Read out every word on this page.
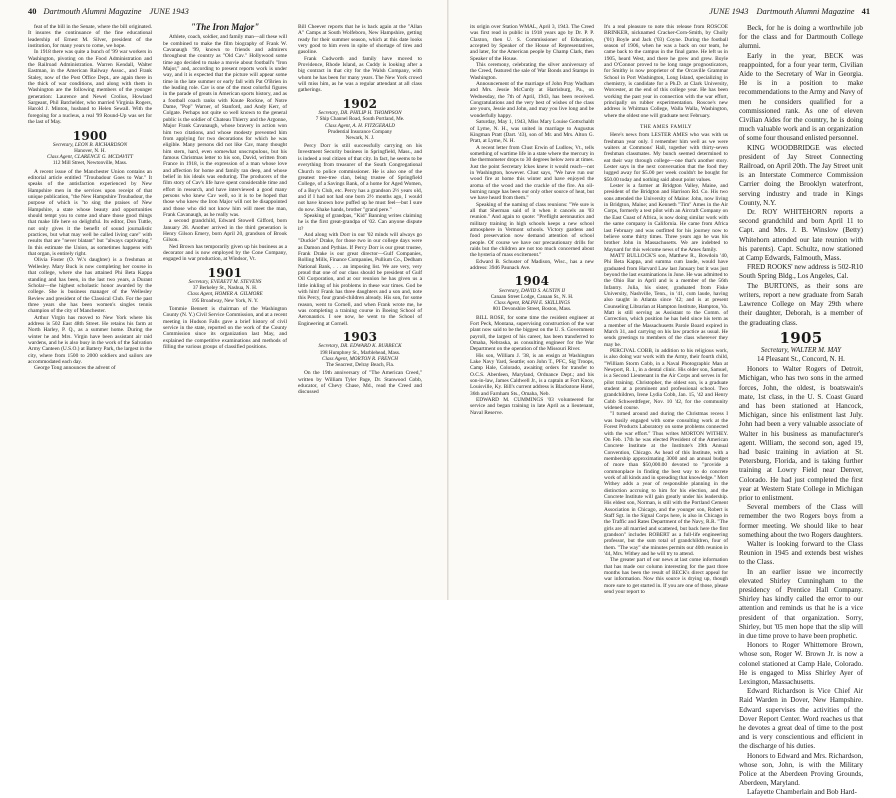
40 Dartmouth Alumni Magazine JUNE 1943

feat of the bill in the Senate, where the bill originated. It insures the continuance of the fine educational leadership of Ernest M. Silver, president of the institution, for many years to come, we hope.

In 1918 there was quite a bunch of '99 war workers in Washington, pivoting on the Food Administration and the Railroad Administration. Warren Kendall, Walter Eastman, in the American Railway Assoc., and Frank Staley, now of the Post Office Dept., are again there in the thick of war conditions, and along with them in Washington are the following members of the younger generation: Laurence and Newel Crolius, Howland Sargeant, Phil Batchelder, who married Virginia Rogers, Harold J. Minton, husband to Helen Sewall. With the foregoing for a nucleus, a real '99 Round-Up was set for the last of May.

1900
Secretary, LEON B. RICHARDSON
Hanover, N. H.
Class Agent, CLARENCE G. MCDAVITT
112 Mill Street, Newtonville, Mass.

A recent issue of the Manchester Union contains an editorial article entitled "Troubadour Goes to War." It speaks of the antisfaction experienced by New Hampshire men in the services upon receipt of that unique publication, "the New Hampshire Troubadour, the purpose of which is "to sing the praises of New Hampshire, a state whose beauty and opportunities should tempt you to come and share those good things that make life here so delightful. Its editor, Don Tuttle, not only gives it the benefit of sound journalistic practices, but what may well be called living care" with results that are "never blatant" but "always captivating." In this estimate the Union, as sometimes happens with that organ, is entirely right.

Olivia Foster (O. W.'s daughter) is a freshman at Wellesley. Mary Buck is now completing her course in that college, where she has attained Phi Beta Kappa standing and has been, in the last two years, a Durant Scholar—the highest scholastic honor awarded by the college. She is business manager of the Wellesley Review and president of the Classical Club. For the past three years she has been women's singles tennis champion of the city of Manchester.

Arthur Virgin has moved to New York where his address is 502 East 48th Street. He retains his farm at North Harley, P. Q., as a summer home. During the winter he and Mrs. Virgin have been assistant air raid wardens, and he is also busy in the work of the Salvation Army Canteen (U.S.O.) at Battery Park, the largest in the city, where from 1500 to 2000 soldiers and sailors are accommodated each day.

George Tong announces the advent of

"The Iron Major"

Athlete, coach, soldier, and family man—all these will be combined to make the film biography of Frank W. Cavanaugh '99, known to friends and admirers throughout the country as "Old Cav." Hollywood some time ago decided to make a movie about football's "Iron Major," and, according to present reports work is under way, and it is expected that the picture will appear some time in the late summer or early fall with Pat O'Brien in the leading role. Cav is one of the most colorful figures in the parade of greats in American sports history, and as a football coach ranks with Knute Rockne, of Notre Dame, "Pop" Warner, of Stanford, and Andy Kerr, of Colgate. Perhaps not quite so well known to the general public is the soldier of Chateau Thierry and the Argonne, Major Frank Cavanaugh, whose bravery in action won him two citations, and whose modesty prevented him from applying for two decorations for which he was eligible. Many persons did not like Cav, many thought him stern, hard, even somewhat unscrupulous, but his famous Christmas letter to his son, David, written from France in 1918, is the expression of a man whose love and affection for home and family ran deep, and whose belief in his ideals was enduring. The producers of the film story of Cav's life have spent considerable time and effort in research, and have interviewed a good many persons who knew Cav well, so it is to be hoped that those who knew the Iron Major will not be disappointed and those who did not know him will meet the man, Frank Cavanaugh, as he really was.

a second grandchild, Edward Stowell Gifford, born January 28. Another arrived in the third generation is Henry Gilson Emery, born April 20, grandson of Brook Gilson.

Ned Brown has temporarily given up his business as a decorator and is now employed by the Cone Company, engaged in war production, at Windsor, Vt.

1901
Secretary, EVERETT M. STEVENS
37 Berkeley St., Nashua, N. H.
Class Agent, HOMER A. GILMORE
195 Broadway, New York, N. Y.

Tommie Bennett is chairman of the Washington County (N. Y.) Civil Service Commission, and at a recent meeting in Hudson Falls gave a brief history of civil service in the state, reported on the work of the County Commission since its organization last May, and explained the competitive examinations and methods of filling the various groups of classified positions.

Bill Cheever reports that he is back again at the "Allan A" Camps at South Wolfeboro, New Hampshire, getting ready for their summer season, which at this date looks very good to him even in spite of shortage of tires and gasoline.

Frank Cudworth and family have moved to Providence, Rhode Island, as Cuddy is looking after a big contract in that city for the Walsh Company, with whom he has been for many years. The New York crowd will miss him, as he was a regular attendant at all class gatherings.

1902
Secretary, DR. PHILIP H. THOMPSON
7 Ship Channel Road, South Portland, Me.
Class Agent, A. H. FITZGERALD
Prudential Insurance Company
Newark, N. J.

Percy Dorr is still successfully carrying on his Investment Security business in Springfield, Mass., and is indeed a real citizen of that city. In fact, he seems to be everything from treasurer of the South Congregational Church to police commissioner. He is also one of the greatest tree-tree clan, being trustee of Springfield College, of a Savings Bank, of a home for Aged Women, of a Boy's Club, etc. Percy has a grandson 2½ years old, and if I had not had one born 2½ months ago, I would not have known how puffed up he must feel—but I sure do now. Shake hands, brother "grand pere."

Speaking of grandpas, "Kid" Banning writes claiming he is the first great-grandpa of '02. Can anyone dispute it?

And along with Dorr in our '02 minds will always go "Duckie" Drake, for those two in our college days were as Damon and Pythias. If Percy Dorr is our great trustee, Frank Drake is our great director—Gulf Companies, Rolling Mills, Finance Companies, Pullium Co., Dedham National Bank, . . . an imposing list. We are very, very proud that one of our class should be president of Gulf Oil Corporation, and at our reunion he has given us a little inkling of his problems in these war times. God be with him! Frank has three daughters and a son and, note this Percy, four grand-children already. His son, for some reason, went to Cornell, and when Frank wrote me, he was completing a training course in Boeing School of Aeronautics. I see now, he went to the School of Engineering at Cornell.

1903
Secretary, DR. EDWARD K. BURBECK
198 Humphrey St., Marblehead, Mass.
Class Agent, MORTON R. FRENCH
The Seacrest, Delray Beach, Fla.

On the 19th anniversary of "The American Creed," written by William Tyler Page, Dr. Stanwood Cobb, educator, of Chevy Chase, Md., read the Creed and discussed

JUNE 1943 Dartmouth Alumni Magazine 41

its origin over Station WMAL, April 3, 1943. The Creed was first read in public in 1918 years ago by Dr. P. P. Claxton, then U. S. Commissioner of Education, accepted by Speaker of the House of Representatives, and later, for the American people by Champ Clark, then Speaker of the House.

This ceremony, celebrating the silver anniversary of the Creed, featured the sale of War Bonds and Stamps in Washington.

Announcement of the marriage of John Pray Wadham and Mrs. Jessie McCurdy at Harrisburg, Pa., on Wednesday, the 7th of April, 1943, has been received. Congratulations and the very best of wishes of the class are yours, Jessie and John, and may you live long and be wonderfully happy.

Saturday, May 1, 1943, Miss Mary Louise Gottschaldt of Lyme, N. H., was united in marriage to Augustus Kingman Pratt (Dart. '43), son of Mr. and Mrs. Alton G. Pratt, at Lyme, N. H.

A recent letter from Clust Erwin of Ludlow, Vt., tells something of wartime life in a state where the mercury in the thermometer drops to 30 degrees below zero at times. Just the point Secretary Ickes knew it would reach—not in Washington, however. Clust says, "We have run our wood fire at home this winter and have enjoyed the aroma of the wood and the crackle of the fire. An oil-burning range has been our only other source of heat, but we have heard from them."

Speaking of the naming of class reunions: "We sure is all that Sherman said of it when it cancels an '03 reunion." And again to quote: "Preflight aeronautics and military training in high schools keeps a new school atmosphere in Vermont schools. Victory gardens and food preservation now demand attention of school people. Of course we have our precautionary drills for raids but the children are not too much concerned about the hysteria of mass excitement."

Edward B. Schuster of Madison, Wisc., has a new address: 3946 Paunack Ave.

1904
Secretary, DAVID S. AUSTIN II
Canaan Street Lodge, Canaan St., N. H.
Class Agent, RALPH E. SKILLINGS
801 Devonshire Street, Boston, Mass.

BILL ROSE, for some time the resident engineer at Fort Peck, Montana, supervising construction of the war plant now said to be the biggest on the U. S. Government payroll, the largest of his career, has been transferred to Omaha, Nebraska, as consulting engineer for the War Department on the operation of the Missouri River.

His son, William J. '38, is an ensign at Washington Lake Navy Yard, Seattle; son John T., PFC, Sig Troops, Camp Hale, Colorado, awaiting orders for transfer to O.C.S. Aberdeen, Maryland, Ordnance Dept.; and his son-in-law, James Caldwell Jr., is a captain at Fort Knox, Louisville, Ky. Bill's current address is Blackstone Hotel, 36th and Farnham Sts., Omaha, Neb.

EDWARD M. CUMMINGS '03 volunteered for service and began training in late April as a lieutenant, Naval Reserve.

It's a real pleasure to note this release from ROSCOE BRINKER, nicknamed Cracker-Corn-Smith, by Cholly ('01) Boyle and Jack ('03) Coyne. During the football season of 1906, when he was a back on our team, he came back to the campus in the final game. He left us in 1905, heard West, and there he grew and grew. Boyle and O'Connor proved to be long range prognosticators, for Smithy is now proprietor of the Orcaville Grammar School in Port Washington, Long Island, specializing in chemistry, is candidate for a Ph.D. at Clark University, Worcester, at the end of this college year. He has been working the past year in connection with the war effort, principally on rubber experimentation. Roscoe's new address is Whitman College, Walla Walla, Washington, where the oldest one will graduate next February.

THE AMES FAMILY

Here's news from LESTER AMES who was with us freshman year only. I remember him well as we were waiters at Commons' Hall, together with thirty-seven freshman classmates. My bunch seemed determined to eat their way through college—one that's another story. Lester says in the next conversation that the food they lugged away for $5.00 per week couldn't be bought for $50.00 today and nothing said about point values.

Lester is a farmer at Bridgton Valley, Maine, and president of the Bridgton and Harrison Rd. Co. His two sons attended the University of Maine: John, now living in Bridgton, Maine; and Kenneth "Tim" Ames in the Air Corps, formerly a test pilot with an Aircraft Company on the East Coast of Africa, is now doing similar work with the same company in California. He came from Africa last February and was outfitted for his journey now to believe some thirty times. Three years ago he was his brother John in Massachusetts. We are indebted to Maynard for this welcome news of the Ames family.

MATT BULLOCK'S son, Matthew R., Bowdoin '40, Phi Beta Kappa, and summa cum laude, would have graduated from Harvard Law last January but it was just beyond the last examinations in June. He was admitted to the Ohio Bar in April and is a member of the 56th Infantry. Julia, his sister, graduated from Fiske University, Nashville, Tenn., in '41, cum laude, having also taught in Atlanta since '42; and is at present Counseling Librarian at Hampton Institute, Hampton, Va. Matt is still serving as Assistant to the Comm. of Correction, which position he has held since his term as a member of the Massachusetts Parole Board expired in March 31, and carrying on his law practice as usual. He sends greetings to members of the class wherever they may be.

PERCIVAL COBB, in addition to his religious work, is also doing war work with the Army, their fourth child, "William Storm Cobb, in a Naval Photographic Man at Newport, R. I., in a dental clinic. His older son, Samuel, is a Second Lieutenant in the Air Corps and serves in for pilot training. Christopher, the oldest son, is a graduate student at a prominent and professional school. Two grandchildren, Irene Lydia Cobb, Jan. 15, '42 and Henry Cobb Schwerdtfeger, Nov. 10 '42, for the community widened course.

"I turned around and during the Christmas recess I was busily engaged with some consulting work at the Forest Products Laboratory on some problems connected with the war effort." Thus writes MORTON WITHEY. On Feb. 17th he was elected President of the American Concrete Institute at the Institute's 39th Annual Convention, Chicago. As head of this Institute, with a membership approximating 3000 and an annual budget of more than $50,000.00 devoted to "provide a commonplace in finding the best way to do concrete work of all kinds and in spreading that knowledge." Mort Withey adds a year of responsible planning in the distinction accruing to him for his election, and the Concrete Institute will gain greatly under his leadership. His eldest son, Norman, is still with the Portland Cement Association in Chicago, and the younger son, Robert is Staff Sgt. in the Signal Corps here, is also in Chicago in the Traffic and Rates Department of the Navy, R.R. "The girls are all married and scattered, but back here the first grandson" includes ROBERT as a full-life engineering professor, but the sum total of grandchildren, four of them. "The way" she minutes permits our 40th reunion in '44, Mrs. Withey and he will try to attend.

The greater part of our news at last come information that has made our column interesting for the past three months has been the result of BECK's direct appeal for war information. Now this source is drying up, though more sure to get started in. If you are one of those, please send your report to

Beck, for he is doing a worthwhile job for the class and for Dartmouth College alumni.

Early in the year, BECK was reappointed, for a four year term, Civilian Aide to the Secretary of War in Georgia. He is in a position to make recommendations to the Army and Navy of men he considers qualified for a commissioned rank. As one of eleven Civilian Aides for the country, he is doing much valuable work and is an organization of some four thousand enlisted personnel.

KING WOODBRIDGE was elected president of Jay Street Connecting Railroad, on April 20th. The Jay Street unit is an Interstate Commerce Commission Carrier doing the Brooklyn waterfront, serving industry and trade in Kings County, N.Y.

Dr. ROY WHITEHORN reports a second grandchild and born April 11 to Capt. and Mrs. J. B. Winslow (Betty) Whitehorn attended our late reunion with his parents). Capt. Schultz, now stationed at Camp Edwards, Falmouth, Mass.

FRED ROOKS' new address is 502-R10 South Spring Bldg., Los Angeles, Cal.

The BURTONS, as their sons are writers, report a new graduate from Sarah Lawrence College on May 29th where their daughter, Deborah, is a member of the graduating class.

1905
Secretary, WALTER M. MAY
14 Pleasant St., Concord, N. H.

Honors to Walter Rogers of Detroit, Michigan, who has two sons in the armed forces, John, the oldest, is boatswain's mate, 1st class, in the U. S. Coast Guard and has been stationed at Hancock, Michigan, since his enlistment last July. John had been a very valuable associate of Walter in his business as manufacturer's agent. William, the second son, aged 19, had basic training in aviation at St. Petersburg, Florida, and is taking further training at Lowry Field near Denver, Colorado. He had just completed the first year at Western State College in Michigan prior to enlistment.

Several members of the Class will remember the two Rogers boys from a former meeting. We should like to hear something about the two Rogers daughters.

Walter is looking forward to the Class Reunion in 1945 and extends best wishes to the Class.

In an earlier issue we incorrectly elevated Shirley Cunningham to the presidency of Prentice Hall Company. Shirley has kindly called the error to our attention and reminds us that he is a vice president of that organization. Sorry, Shirley, but '05 men hope that the slip will in due time prove to have been prophetic.

Honors to Roger Whittemore Brown, whose son, Roger W. Brown Jr. is now a colonel stationed at Camp Hale, Colorado. He is engaged to Miss Shirley Ayer of Lexington, Massachusetts.

Edward Richardson is Vice Chief Air Raid Warden in Dover, New Hampshire. Edward supervises the activities of the Dover Report Center. Word reaches us that he devotes a great deal of time to the post and is very conscientious and efficient in the discharge of his duties.

Honors to Edward and Mrs. Richardson, whose son, John, is with the Military Police at the Aberdeen Proving Grounds, Aberdeen, Maryland.

Lafayette Chamberlain and Bob Hard-
